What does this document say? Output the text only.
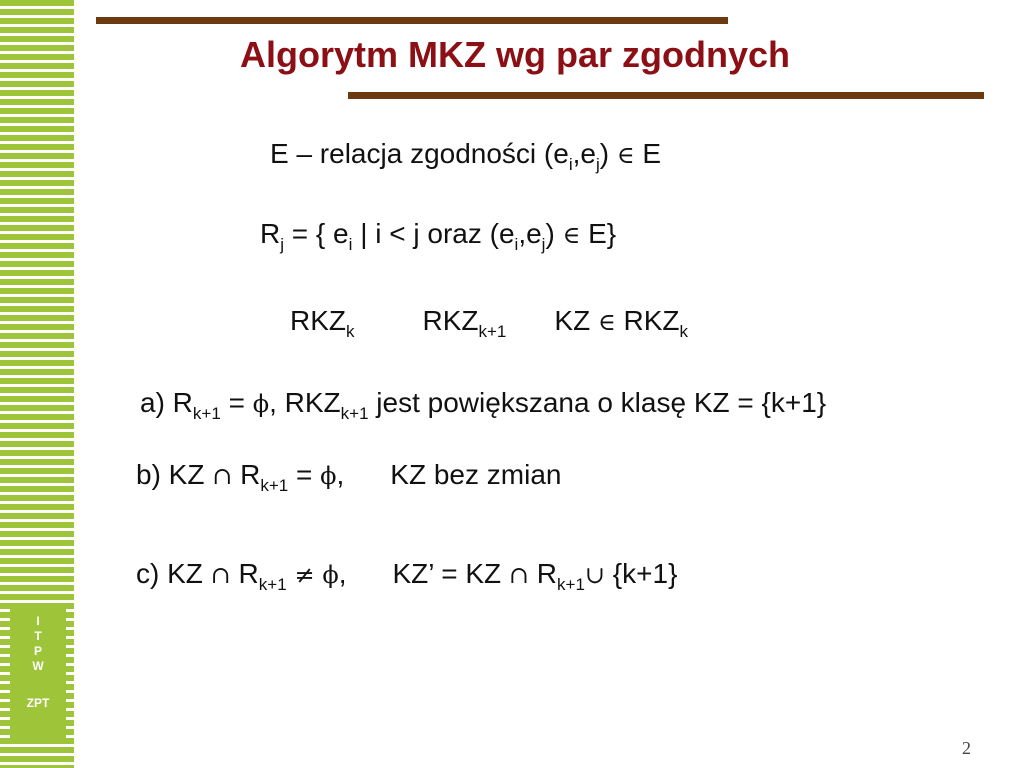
I
T
P
W
ZPT
Algorytm MKZ wg par zgodnych
E – relacja zgodności $(e_i,e_j)$ ∈ E
$R_j$ = { $e_i$ | i < j oraz $(e_i,e_j)$ ∈ E}
$RKZ_k$ $RKZ_{k+1}$ KZ ∈ $RKZ_k$
a) $R_{k+1} = \phi$, $RKZ_{k+1}$ jest powiększana o klasę KZ = {k+1}
b) KZ ∩ $R_{k+1} = \phi$, KZ bez zmian
c) KZ ∩ $R_{k+1} \ne \phi$, KZ’ = KZ ∩ $R_{k+1}\cup$ {k+1}
2
